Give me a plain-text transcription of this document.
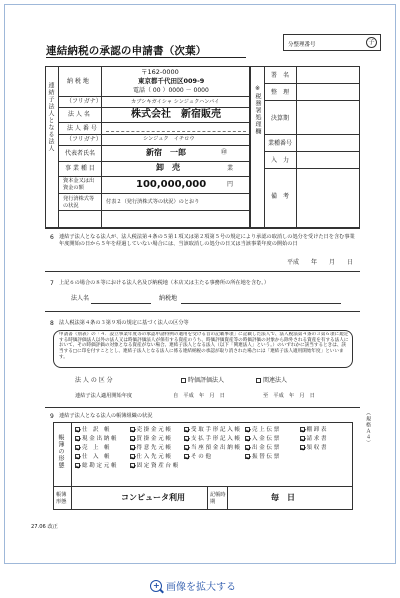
連結納税の承認の申請書（次葉）	分整理番号	子
連結子法人となる法人
納 税 地
〒162-0000
東京都千代田区009-9
電話（ 00 ）0000 － 0000
（フリガナ）	カブシキガイシャ シンジュクハンバイ
法 人 名	株式会社　新宿販売
法 人 番 号
（フリガナ）	シンジュク　イチロウ
代表者氏名	新宿　一郎	㊞
事 業 種 目	卸　売	業
資本金又は出資金の額	100,000,000	円
発行済株式等の状況
付表２（発行済株式等の状況）のとおり
※税務署処理欄
署　名
整　理
決算期
業種番号
入　力
備　考
6 連結子法人となる法人が、法人税法第４条の５第１項又は第２項第５号の規定により承認の取消しの処分を受けた日を含む事業年度開始の日から５年を経過していない場合には、当該取消しの処分の日又は当該事業年度の開始の日
平成　　年　　月　　日
7 上記６の場合の８等における法人名及び納税地（本店又は主たる事務所の所在地を含む。）
法人名	納税地
8 法人税法第４条の３第９項の規定に基づく法人の区分等
申請書（別表）の「４．設立事業年度等の承認申請特例の適用を受ける旨の記載事項」に記載した法人で、法人税法第４条の３第６項に規定する時価評価法人以外の法人又は時価評価法人が保有する資産のうち、時価評価資産等の時価評価の対象から除外される資産を有する法人において、その時価評価の対象となる資産がない場合、連結子法人となる法人（以下「関連法人」という。）のいずれかに該当するときは、該当する□に印を付すこととし、連結子法人となる法人に係る連結納税の承認が取り消された場合には「連結子法人適用開始年度」といいます。
法 人 の 区 分	時価評価法人	関連法人
連結子法人適用開始年度	自　平成　年　月　日	至　平成　年　月　日
9 連結子法人となる法人の帳簿組織の状況
帳簿の形態
仕　訳　帳	売 掛 金 元 帳	受 取 手 形 記 入 帳	売 上 伝 票	棚 卸 表
現 金 出 納 帳	買 掛 金 元 帳	支 払 手 形 記 入 帳	入 金 伝 票	請 求 書
売　上　帳	得 意 先 元 帳	当 座 預 金 出 納 帳	出 金 伝 票	領 収 書
仕　入　帳	仕 入 先 元 帳	そ の 他	振 替 伝 票
総 勘 定 元 帳	固 定 資 産 台 帳
帳簿形態	コンピュータ利用	記帳時期	毎　日
（規格Ａ４）
27.06 改正
+ 画像を拡大する
